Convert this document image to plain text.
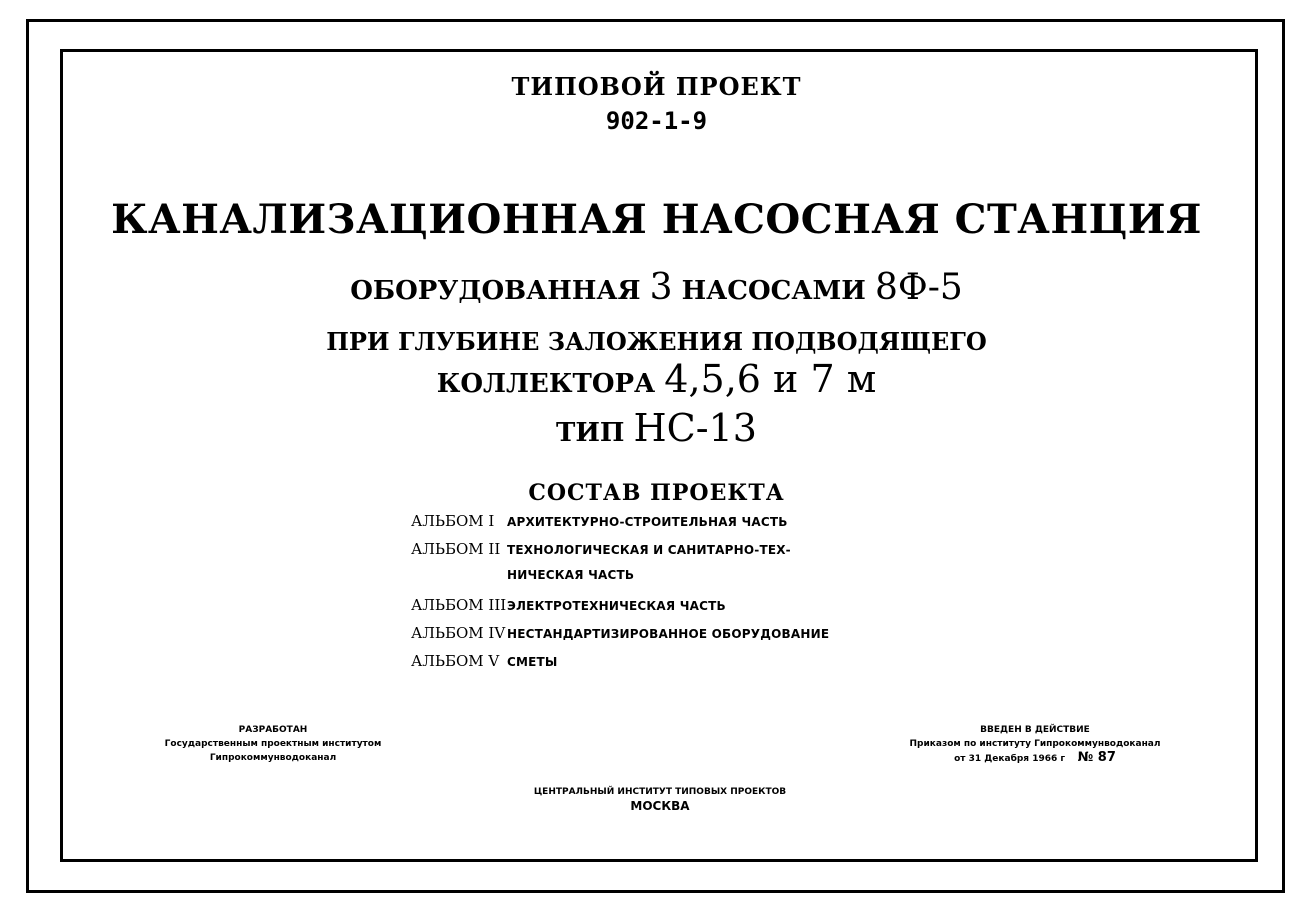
ТИПОВОЙ ПРОЕКТ
902-1-9
КАНАЛИЗАЦИОННАЯ НАСОСНАЯ СТАНЦИЯ
ОБОРУДОВАННАЯ 3 НАСОСАМИ 8Ф-5
ПРИ ГЛУБИНЕ ЗАЛОЖЕНИЯ ПОДВОДЯЩЕГО
КОЛЛЕКТОРА 4,5,6 и 7 м
ТИП НС-13
СОСТАВ ПРОЕКТА
АЛЬБОМ I	АРХИТЕКТУРНО-СТРОИТЕЛЬНАЯ ЧАСТЬ
АЛЬБОМ II ТЕХНОЛОГИЧЕСКАЯ И САНИТАРНО-ТЕХ-
НИЧЕСКАЯ ЧАСТЬ
АЛЬБОМ III ЭЛЕКТРОТЕХНИЧЕСКАЯ ЧАСТЬ
АЛЬБОМ IV НЕСТАНДАРТИЗИРОВАННОЕ ОБОРУДОВАНИЕ
АЛЬБОМ V СМЕТЫ
РАЗРАБОТАН
Государственным проектным институтом
Гипрокоммунводоканал
ВВЕДЕН В ДЕЙСТВИЕ
Приказом по институту Гипрокоммунводоканал
от 31 Декабря 1966 г № 87
ЦЕНТРАЛЬНЫЙ ИНСТИТУТ ТИПОВЫХ ПРОЕКТОВ
МОСКВА
